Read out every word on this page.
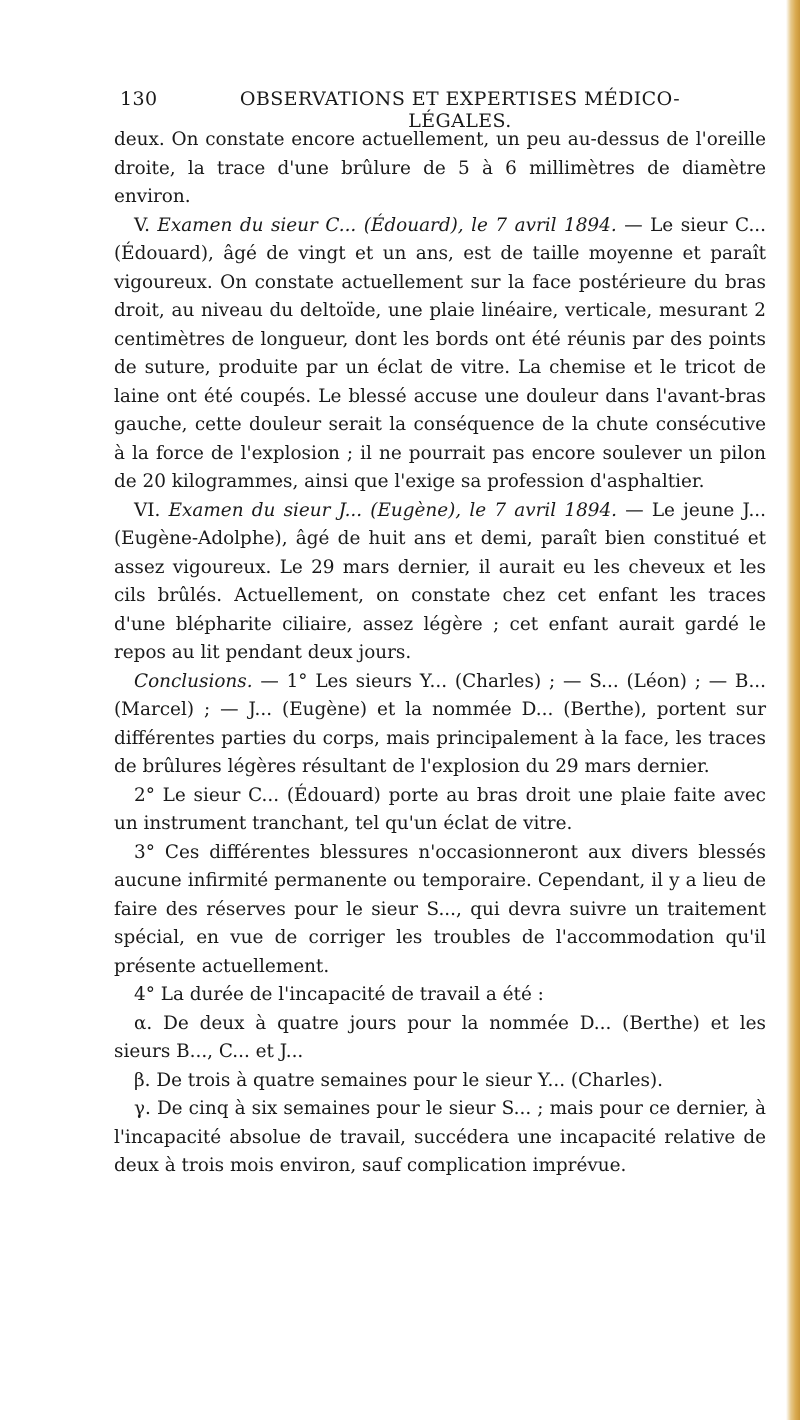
130	OBSERVATIONS ET EXPERTISES MÉDICO-LÉGALES.

deux. On constate encore actuellement, un peu au-dessus de l'oreille droite, la trace d'une brûlure de 5 à 6 millimètres de diamètre environ.

V. Examen du sieur C... (Édouard), le 7 avril 1894. — Le sieur C... (Édouard), âgé de vingt et un ans, est de taille moyenne et paraît vigoureux. On constate actuellement sur la face postérieure du bras droit, au niveau du deltoïde, une plaie linéaire, verticale, mesurant 2 centimètres de longueur, dont les bords ont été réunis par des points de suture, produite par un éclat de vitre. La chemise et le tricot de laine ont été coupés. Le blessé accuse une douleur dans l'avant-bras gauche, cette douleur serait la conséquence de la chute consécutive à la force de l'explosion ; il ne pourrait pas encore soulever un pilon de 20 kilogrammes, ainsi que l'exige sa profession d'asphaltier.

VI. Examen du sieur J... (Eugène), le 7 avril 1894. — Le jeune J... (Eugène-Adolphe), âgé de huit ans et demi, paraît bien constitué et assez vigoureux. Le 29 mars dernier, il aurait eu les cheveux et les cils brûlés. Actuellement, on constate chez cet enfant les traces d'une blépharite ciliaire, assez légère ; cet enfant aurait gardé le repos au lit pendant deux jours.

Conclusions. — 1° Les sieurs Y... (Charles) ; — S... (Léon) ; — B... (Marcel) ; — J... (Eugène) et la nommée D... (Berthe), portent sur différentes parties du corps, mais principalement à la face, les traces de brûlures légères résultant de l'explosion du 29 mars dernier.

2° Le sieur C... (Édouard) porte au bras droit une plaie faite avec un instrument tranchant, tel qu'un éclat de vitre.

3° Ces différentes blessures n'occasionneront aux divers blessés aucune infirmité permanente ou temporaire. Cependant, il y a lieu de faire des réserves pour le sieur S..., qui devra suivre un traitement spécial, en vue de corriger les troubles de l'accommodation qu'il présente actuellement.

4° La durée de l'incapacité de travail a été :

α. De deux à quatre jours pour la nommée D... (Berthe) et les sieurs B..., C... et J...

β. De trois à quatre semaines pour le sieur Y... (Charles).

γ. De cinq à six semaines pour le sieur S... ; mais pour ce dernier, à l'incapacité absolue de travail, succédera une incapacité relative de deux à trois mois environ, sauf complication imprévue.
